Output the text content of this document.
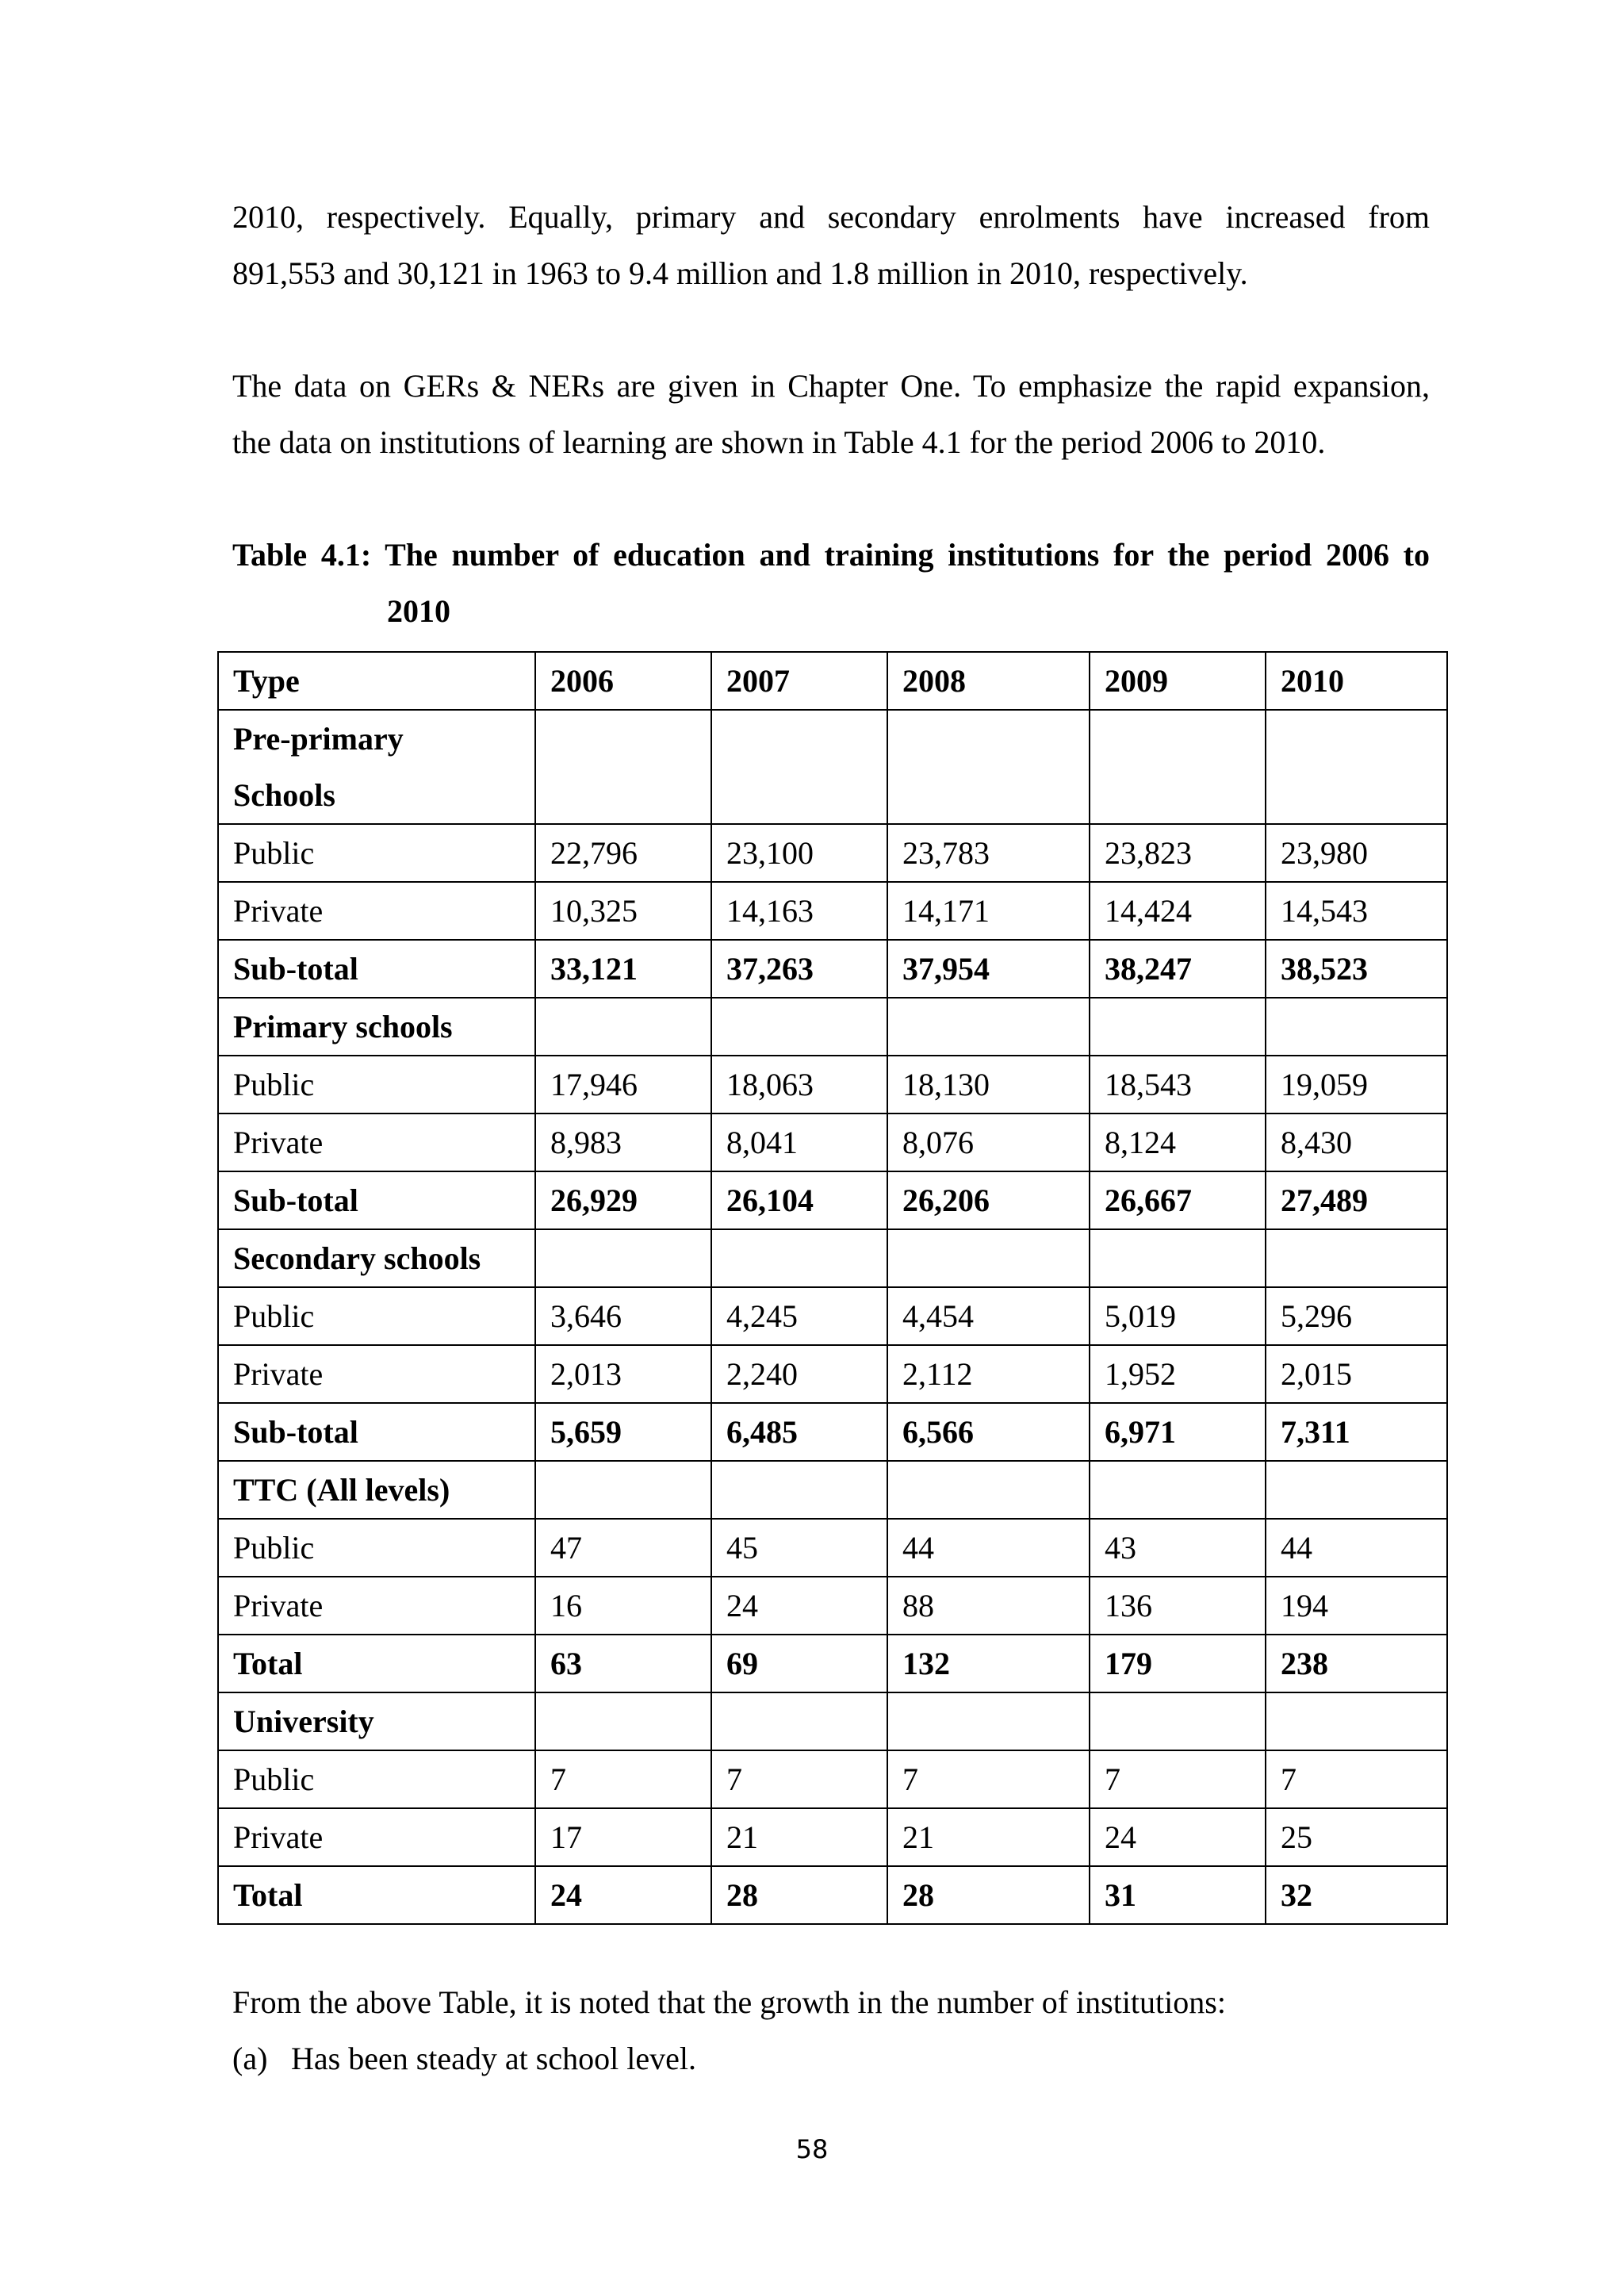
2010, respectively. Equally, primary and secondary enrolments have increased from
891,553 and 30,121 in 1963 to 9.4 million and 1.8 million in 2010, respectively.

The data on GERs & NERs are given in Chapter One. To emphasize the rapid expansion,
the data on institutions of learning are shown in Table 4.1 for the period 2006 to 2010.

Table 4.1: The number of education and training institutions for the period 2006 to
2010

Type	2006	2007	2008	2009	2010

Pre-primary
Schools					

Public	22,796	23,100	23,783	23,823	23,980
Private	10,325	14,163	14,171	14,424	14,543
Sub-total	33,121	37,263	37,954	38,247	38,523
Primary schools					
Public	17,946	18,063	18,130	18,543	19,059
Private	8,983	8,041	8,076	8,124	8,430
Sub-total	26,929	26,104	26,206	26,667	27,489
Secondary schools					
Public	3,646	4,245	4,454	5,019	5,296
Private	2,013	2,240	2,112	1,952	2,015
Sub-total	5,659	6,485	6,566	6,971	7,311
TTC (All levels)					
Public	47	45	44	43	44
Private	16	24	88	136	194
Total	63	69	132	179	238
University					
Public	7	7	7	7	7
Private	17	21	21	24	25
Total	24	28	28	31	32
From the above Table, it is noted that the growth in the number of institutions:
(a) Has been steady at school level.
58
